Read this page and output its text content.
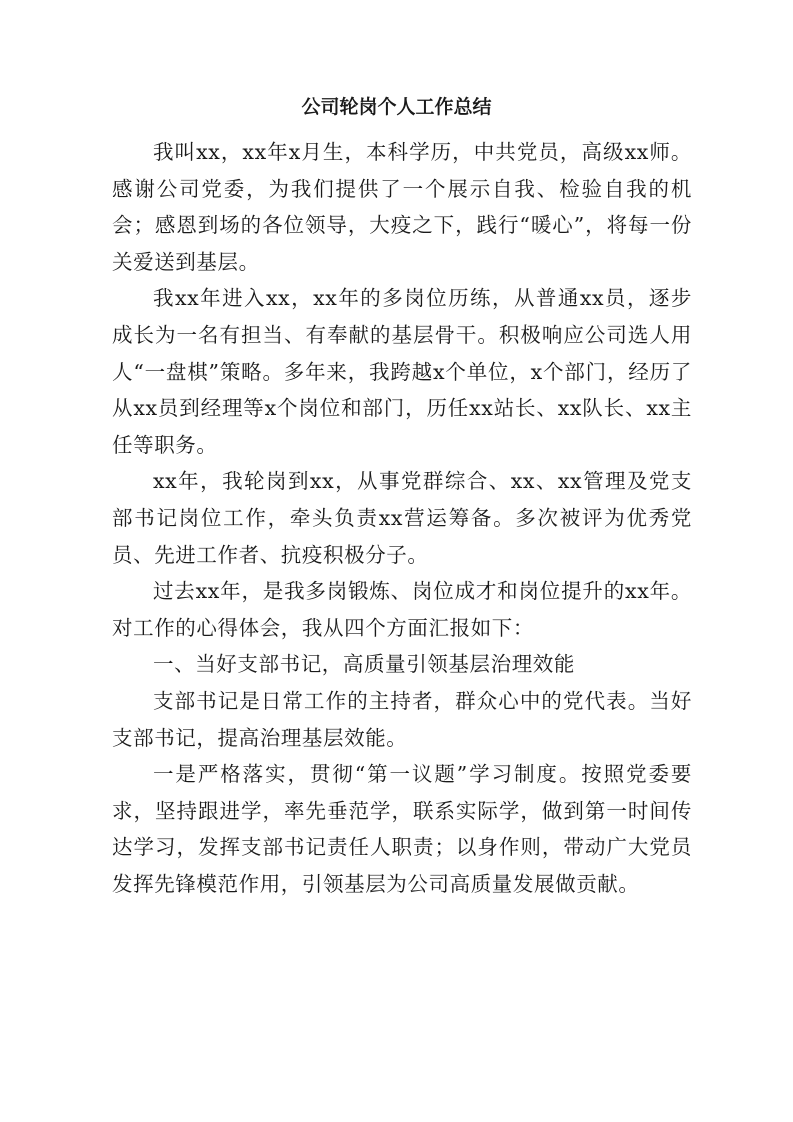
公司轮岗个人工作总结

我叫xx，xx年x月生，本科学历，中共党员，高级xx师。感谢公司党委，为我们提供了一个展示自我、检验自我的机会；感恩到场的各位领导，大疫之下，践行“暖心”，将每一份关爱送到基层。

我xx年进入xx，xx年的多岗位历练，从普通xx员，逐步成长为一名有担当、有奉献的基层骨干。积极响应公司选人用人“一盘棋”策略。多年来，我跨越x个单位，x个部门，经历了从xx员到经理等x个岗位和部门，历任xx站长、xx队长、xx主任等职务。

xx年，我轮岗到xx，从事党群综合、xx、xx管理及党支部书记岗位工作，牵头负责xx营运筹备。多次被评为优秀党员、先进工作者、抗疫积极分子。

过去xx年，是我多岗锻炼、岗位成才和岗位提升的xx年。对工作的心得体会，我从四个方面汇报如下：

一、当好支部书记，高质量引领基层治理效能

支部书记是日常工作的主持者，群众心中的党代表。当好支部书记，提高治理基层效能。

一是严格落实，贯彻“第一议题”学习制度。按照党委要求，坚持跟进学，率先垂范学，联系实际学，做到第一时间传达学习，发挥支部书记责任人职责；以身作则，带动广大党员发挥先锋模范作用，引领基层为公司高质量发展做贡献。
